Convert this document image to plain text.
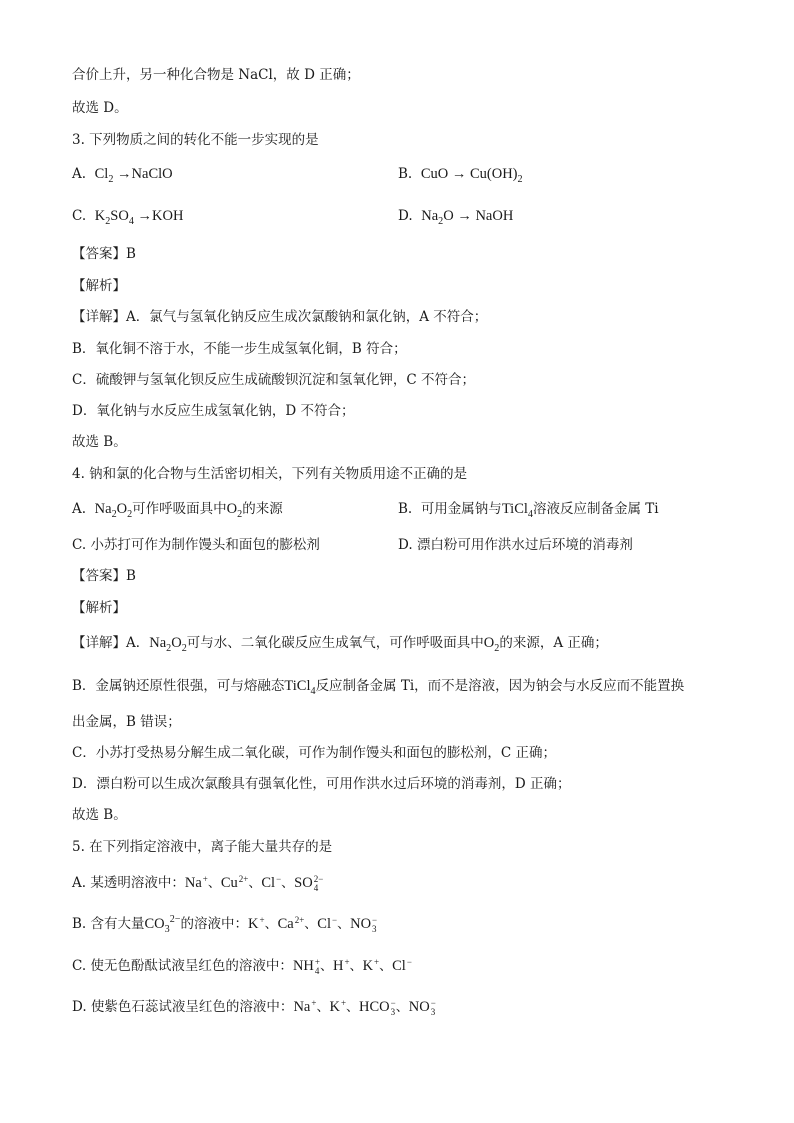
合价上升，另一种化合物是 NaCl，故 D 正确；
故选 D。
3. 下列物质之间的转化不能一步实现的是
A. $Cl_2$ →NaClO	B. CuO → $Cu(OH)_2$
C. $K_2SO_4 \to KOH$	D. $Na_2O$ → NaOH
【答案】B
【解析】
【详解】A．氯气与氢氧化钠反应生成次氯酸钠和氯化钠，A 不符合；
B．氧化铜不溶于水，不能一步生成氢氧化铜，B 符合；
C．硫酸钾与氢氧化钡反应生成硫酸钡沉淀和氢氧化钾，C 不符合；
D．氧化钠与水反应生成氢氧化钠，D 不符合；
故选 B。
4. 钠和氯的化合物与生活密切相关，下列有关物质用途不正确的是
A. $Na_2O_2$可作呼吸面具中$O_2$的来源	B. 可用金属钠与TiCl$_4$溶液反应制备金属 Ti
C. 小苏打可作为制作馒头和面包的膨松剂	D. 漂白粉可用作洪水过后环境的消毒剂
【答案】B
【解析】
【详解】A．$Na_2O_2$可与水、二氧化碳反应生成氧气，可作呼吸面具中$O_2$的来源，A 正确；
B．金属钠还原性很强，可与熔融态TiCl$_4$反应制备金属 Ti，而不是溶液，因为钠会与水反应而不能置换
出金属，B 错误；
C．小苏打受热易分解生成二氧化碳，可作为制作馒头和面包的膨松剂，C 正确；
D．漂白粉可以生成次氯酸具有强氧化性，可用作洪水过后环境的消毒剂，D 正确；
故选 B。
5. 在下列指定溶液中，离子能大量共存的是
A. 某透明溶液中：Na +
、Cu 2+
、Cl −
、SO 2−
4
B. 含有大量$CO_3^{2-}$的溶液中：K +
、Ca 2+
、Cl −
、NO −
3
C. 使无色酚酞试液呈红色的溶液中：NH +
4 、H +
、K +
、Cl −

D. 使紫色石蕊试液呈红色的溶液中：Na +
、K +
、HCO −
3 、NO −
3
